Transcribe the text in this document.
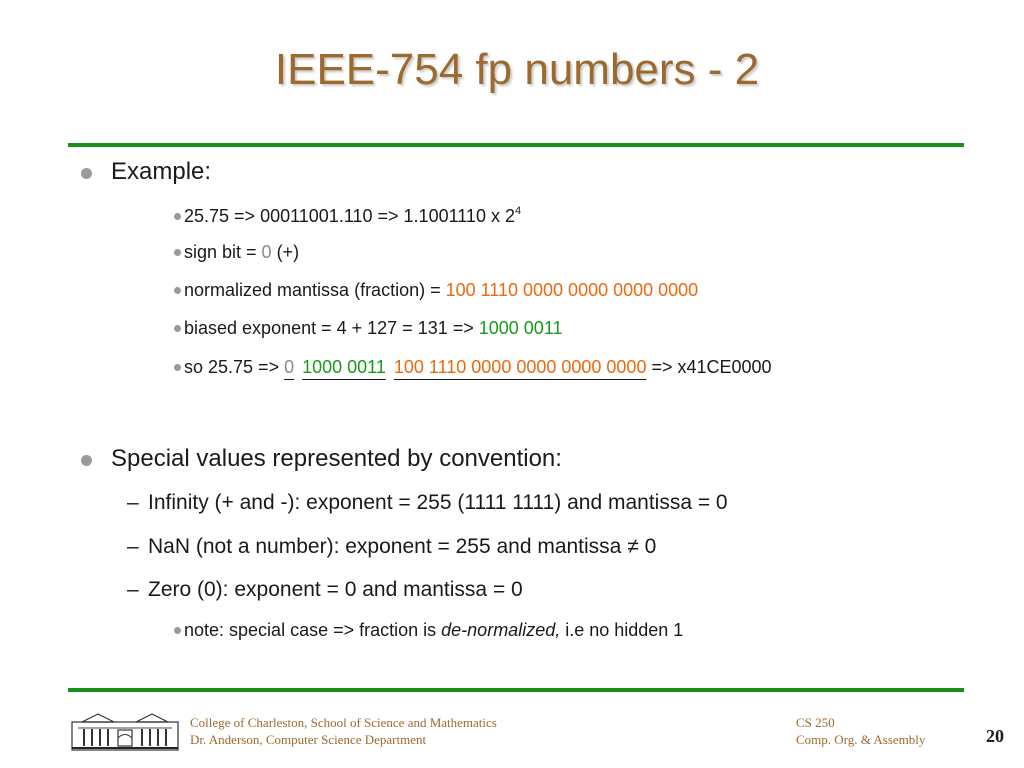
IEEE-754 fp numbers - 2
Example:
25.75 => 00011001.110 => 1.1001110 x $2^4$
sign bit = 0 (+)
normalized mantissa (fraction) = 100 1110 0000 0000 0000 0000
biased exponent = 4 + 127 = 131 => 1000 0011
so 25.75 => 0 1000 0011 100 1110 0000 0000 0000 0000 => x41CE0000
Special values represented by convention:
– Infinity (+ and -): exponent = 255 (1111 1111) and mantissa = 0
– NaN (not a number): exponent = 255 and mantissa ≠ 0
– Zero (0): exponent = 0 and mantissa = 0
note: special case => fraction is de-normalized, i.e no hidden 1
College of Charleston, School of Science and Mathematics
Dr. Anderson, Computer Science Department
CS 250
Comp. Org. & Assembly	20
